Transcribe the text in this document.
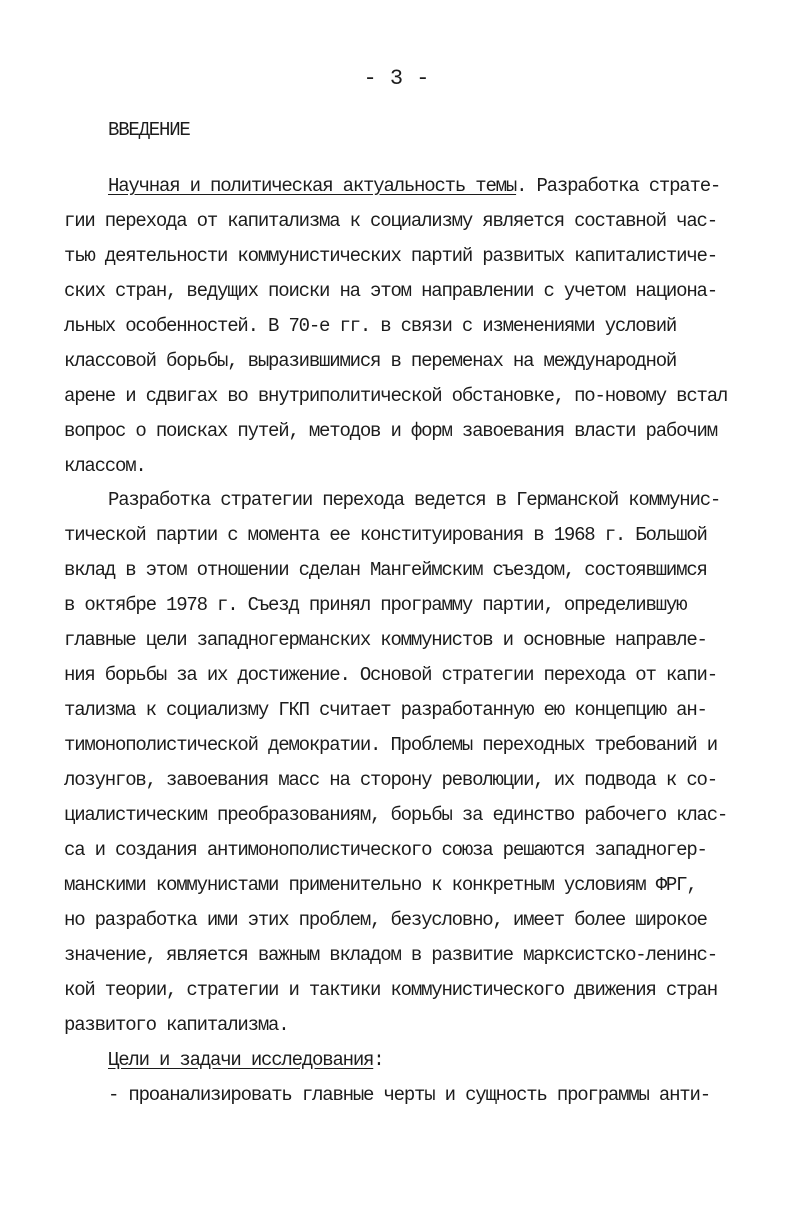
- 3 -
ВВЕДЕНИЕ
Научная и политическая актуальность темы. Разработка страте-
гии перехода от капитализма к социализму является составной час-
тью деятельности коммунистических партий развитых капиталистиче-
ских стран, ведущих поиски на этом направлении с учетом национа-
льных особенностей. В 70-е гг. в связи с изменениями условий
классовой борьбы, выразившимися в переменах на международной
арене и сдвигах во внутриполитической обстановке, по-новому встал
вопрос о поисках путей, методов и форм завоевания власти рабочим
классом.
Разработка стратегии перехода ведется в Германской коммунис-
тической партии с момента ее конституирования в 1968 г. Большой
вклад в этом отношении сделан Мангеймским съездом, состоявшимся
в октябре 1978 г. Съезд принял программу партии, определившую
главные цели западногерманских коммунистов и основные направле-
ния борьбы за их достижение. Основой стратегии перехода от капи-
тализма к социализму ГКП считает разработанную ею концепцию ан-
тимонополистической демократии. Проблемы переходных требований и
лозунгов, завоевания масс на сторону революции, их подвода к со-
циалистическим преобразованиям, борьбы за единство рабочего клас-
са и создания антимонополистического союза решаются западногер-
манскими коммунистами применительно к конкретным условиям ФРГ,
но разработка ими этих проблем, безусловно, имеет более широкое
значение, является важным вкладом в развитие марксистско-ленинс-
кой теории, стратегии и тактики коммунистического движения стран
развитого капитализма.
Цели и задачи исследования:
- проанализировать главные черты и сущность программы анти-
